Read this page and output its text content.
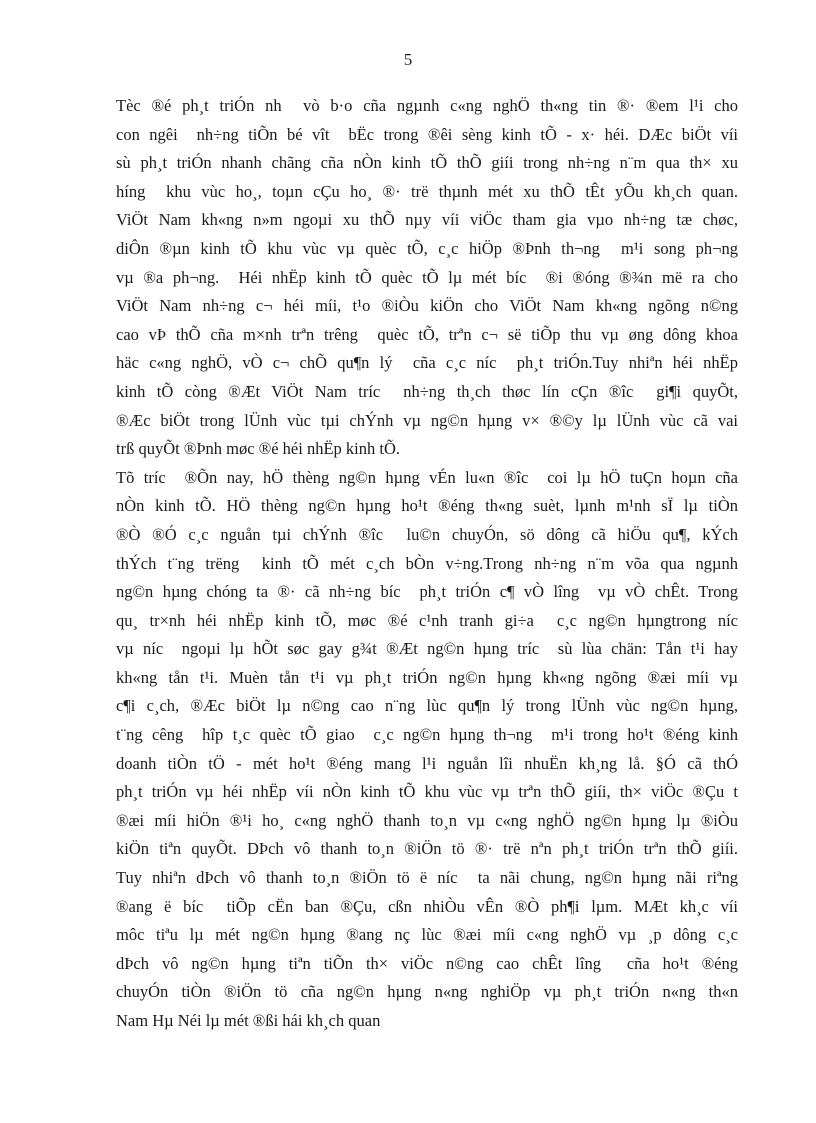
5
Tèc ®é ph¸t triÓn nh  vò b·o cña ngµnh c«ng nghÖ th«ng tin ®· ®em l¹i cho
con ngêi  nh÷ng tiÕn bé vît  bËc trong ®êi sèng kinh tÕ - x· héi. DÆc biÖt víi
sù ph¸t triÓn nhanh chãng cña nÒn kinh tÕ thÕ giíi trong nh÷ng n¨m qua th× xu
híng  khu vùc ho¸, toµn cÇu ho¸ ®· trë thµnh mét xu thÕ tÊt yÕu kh¸ch quan.
ViÖt Nam kh«ng n»m ngoµi xu thÕ nµy víi viÖc tham gia vµo nh÷ng tæ chøc,
diÔn ®µn kinh tÕ khu vùc vµ quèc tÕ, c¸c hiÖp ®Þnh th¬ng  m¹i song ph¬ng
vµ ®a ph¬ng.  Héi nhËp kinh tÕ quèc tÕ lµ mét bíc  ®i ®óng ®¾n më ra cho
ViÖt Nam nh÷ng c¬ héi míi, t¹o ®iÒu kiÖn cho ViÖt Nam kh«ng ngõng n©ng
cao vÞ thÕ cña m×nh trªn trêng  quèc tÕ, trªn c¬ së tiÕp thu vµ øng dông khoa
häc c«ng nghÖ, vÒ c¬ chÕ qu¶n lý  cña c¸c níc  ph¸t triÓn.Tuy nhiªn héi nhËp
kinh tÕ còng ®Æt ViÖt Nam tríc  nh÷ng th¸ch thøc lín cÇn ®îc  gi¶i quyÕt,
®Æc biÖt trong lÜnh vùc tµi chÝnh vµ ng©n hµng v× ®©y lµ lÜnh vùc cã vai
trß quyÕt ®Þnh møc ®é héi nhËp kinh tÕ.
Tõ tríc  ®Õn nay, hÖ thèng ng©n hµng vÉn lu«n ®îc  coi lµ hÖ tuÇn hoµn cña
nÒn kinh tÕ. HÖ thèng ng©n hµng ho¹t ®éng th«ng suèt, lµnh m¹nh sÏ lµ tiÒn
®Ò ®Ó c¸c nguån tµi chÝnh ®îc  lu©n chuyÓn, sö dông cã hiÖu qu¶, kÝch
thÝch t¨ng trëng  kinh tÕ mét c¸ch bÒn v÷ng.Trong nh÷ng n¨m võa qua ngµnh
ng©n hµng chóng ta ®· cã nh÷ng bíc  ph¸t triÓn c¶ vÒ lîng  vµ vÒ chÊt. Trong
qu¸ tr×nh héi nhËp kinh tÕ, møc ®é c¹nh tranh gi÷a  c¸c ng©n hµngtrong níc
vµ níc  ngoµi lµ hÕt søc gay g¾t ®Æt ng©n hµng tríc  sù lùa chän: Tån t¹i hay
kh«ng tån t¹i. Muèn tån t¹i vµ ph¸t triÓn ng©n hµng kh«ng ngõng ®æi míi vµ
c¶i c¸ch, ®Æc biÖt lµ n©ng cao n¨ng lùc qu¶n lý trong lÜnh vùc ng©n hµng,
t¨ng cêng  hîp t¸c quèc tÕ giao  c¸c ng©n hµng th¬ng  m¹i trong ho¹t ®éng kinh
doanh tiÒn tÖ - mét ho¹t ®éng mang l¹i nguån lîi nhuËn kh¸ng lå. §Ó cã thÓ
ph¸t triÓn vµ héi nhËp víi nÒn kinh tÕ khu vùc vµ trªn thÕ giíi, th× viÖc ®Çu t
®æi míi hiÖn ®¹i ho¸ c«ng nghÖ thanh to¸n vµ c«ng nghÖ ng©n hµng lµ ®iÒu
kiÖn tiªn quyÕt. DÞch vô thanh to¸n ®iÖn tö ®· trë nªn ph¸t triÓn trªn thÕ giíi.
Tuy nhiªn dÞch vô thanh to¸n ®iÖn tö ë níc  ta nãi chung, ng©n hµng nãi riªng
®ang ë bíc  tiÕp cËn ban ®Çu, cßn nhiÒu vÊn ®Ò ph¶i lµm. MÆt kh¸c víi
môc tiªu lµ mét ng©n hµng ®ang nç lùc ®æi míi c«ng nghÖ vµ ¸p dông c¸c
dÞch vô ng©n hµng tiªn tiÕn th× viÖc n©ng cao chÊt lîng  cña ho¹t ®éng
chuyÓn tiÒn ®iÖn tö cña ng©n hµng n«ng nghiÖp vµ ph¸t triÓn n«ng th«n
Nam Hµ Néi lµ mét ®ßi hái kh¸ch quan
